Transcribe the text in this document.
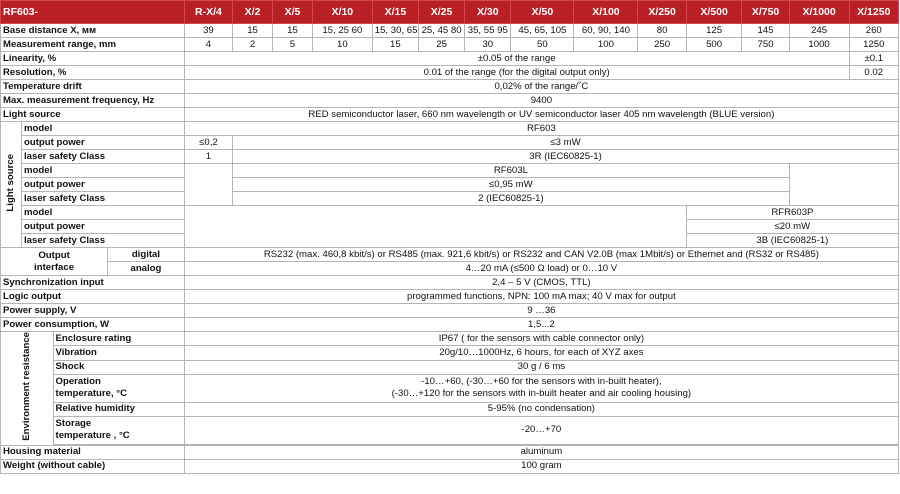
RF603-				R-X/4	X/2	X/5	X/10	X/15	X/25	X/30	X/50	X/100	X/250	X/500	X/750	X/1000	X/1250
Base distance X, мм				39	15	15	15, 25 60	15, 30, 65	25, 45 80	35, 55 95	45, 65, 105	60, 90, 140	80	125	145	245	260
Measurement range, mm				4	2	5	10	15	25	30	50	100	250	500	750	1000	1250
Linearity, %				±0.05 of the range													±0.1
Resolution, %				0.01 of the range (for the digital output only)													0.02
Temperature drift				0,02% of the range/˚C													
Max. measurement frequency, Hz				9400													
Light source				RED semiconductor laser, 660 nm wavelength or UV semiconductor laser 405 nm wavelength (BLUE version)													
Light source	model			RF603													
	output power			≤0,2	≤3 mW												
	laser safety Class			1	3R (IEC60825-1)												
	model				RF603L												
	output power				≤0,95 mW												
	laser safety Class				2 (IEC60825-1)												
	model													RFR603P			
	output power													≤20 mW			
	laser safety Class													3B (IEC60825-1)			
Output
interface			digital	RS232 (max. 460,8 kbit/s) or RS485 (max. 921,6 kbit/s) or RS232 and CAN V2.0B (max 1Mbit/s) or Ethernet and (RS32 or RS485)													
			analog	4…20 mA (≤500 Ω load) or 0…10 V													
Synchronization input				2,4 – 5 V (CMOS, TTL)													
Logic output				programmed functions, NPN: 100 mA max; 40 V max for output													
Power supply, V				9 …36													
Power consumption, W				1,5...2													
Environment resistance		Enclosure rating		IP67 ( for the sensors with cable connector only)													
		Vibration		20g/10…1000Hz, 6 hours, for each of XYZ axes													
		Shock		30 g / 6 ms													
		Operation
temperature, °C		-10…+60, (-30…+60 for the sensors with in-built heater),
(-30…+120 for the sensors with in-built heater and air cooling housing)													
		Relative humidity		5-95% (no condensation)													
		Storage
temperature , °C		-20…+70													

Housing material				aluminum													
Weight (without cable)				100 gram													
